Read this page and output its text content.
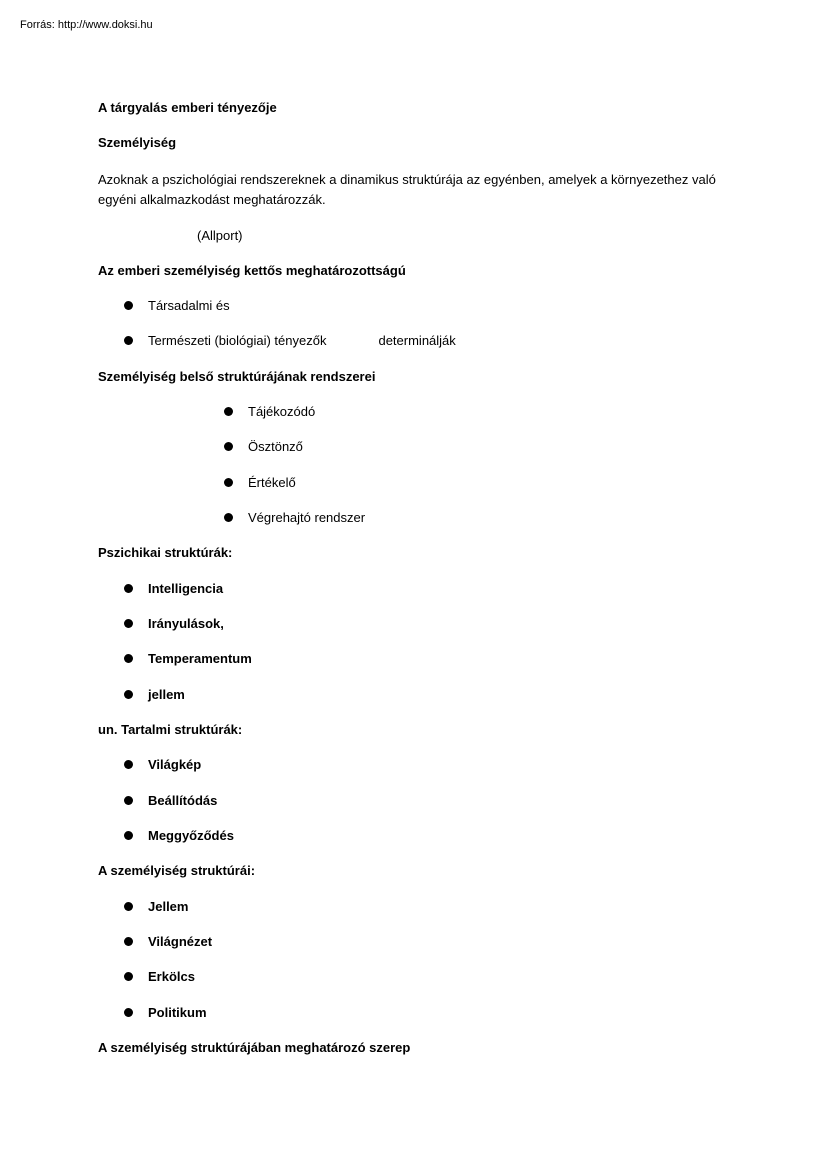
Forrás: http://www.doksi.hu
A tárgyalás emberi tényezője
Személyiség
Azoknak a pszichológiai rendszereknek a dinamikus struktúrája az egyénben, amelyek a környezethez való egyéni alkalmazkodást meghatározzák.
(Allport)
Az emberi személyiség kettős meghatározottságú
Társadalmi és
Természeti (biológiai) tényezők	determinálják
Személyiség belső struktúrájának rendszerei
Tájékozódó
Ösztönző
Értékelő
Végrehajtó rendszer
Pszichikai struktúrák:
Intelligencia
Irányulások,
Temperamentum
jellem
un. Tartalmi struktúrák:
Világkép
Beállítódás
Meggyőződés
A személyiség struktúrái:
Jellem
Világnézet
Erkölcs
Politikum
A személyiség struktúrájában meghatározó szerep
